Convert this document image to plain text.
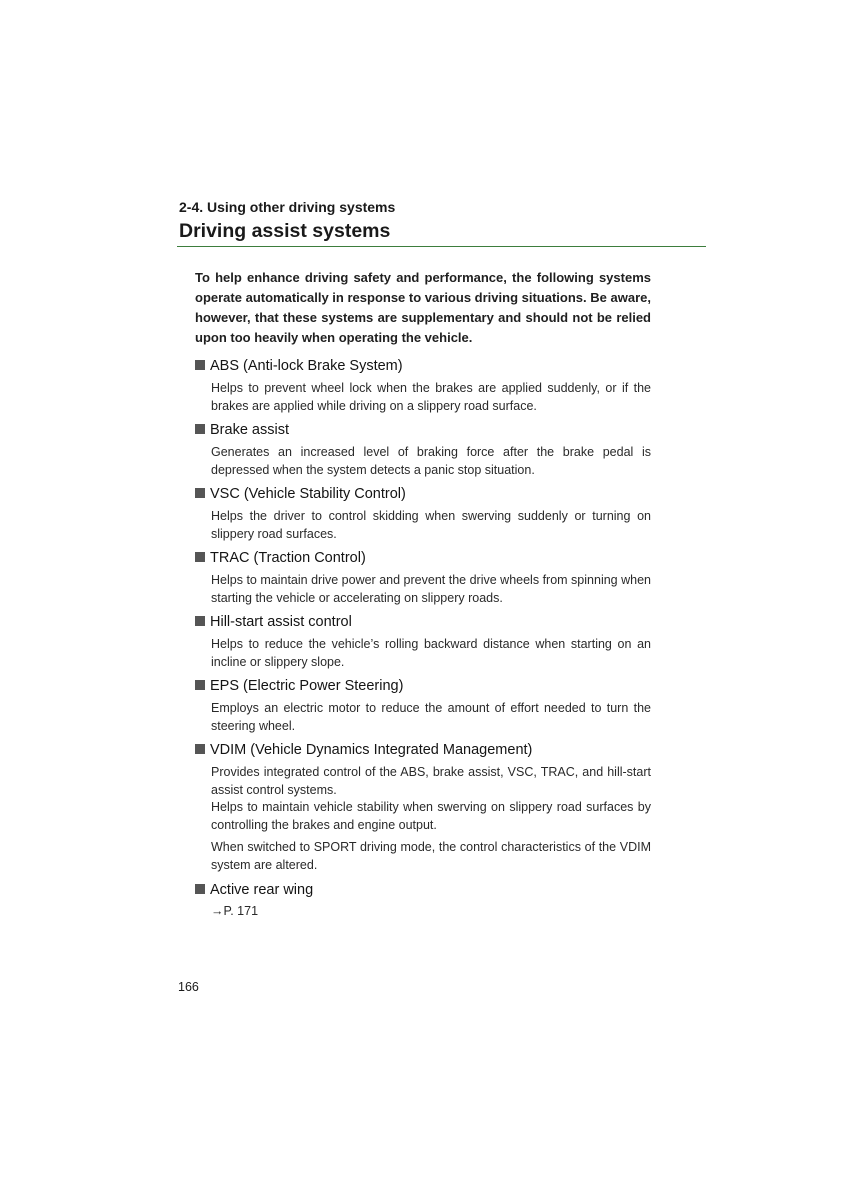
2-4. Using other driving systems
Driving assist systems
To help enhance driving safety and performance, the following systems operate automatically in response to various driving situations. Be aware, however, that these systems are supplementary and should not be relied upon too heavily when operating the vehicle.
ABS (Anti-lock Brake System)

Helps to prevent wheel lock when the brakes are applied suddenly, or if the brakes are applied while driving on a slippery road surface.

Brake assist

Generates an increased level of braking force after the brake pedal is depressed when the system detects a panic stop situation.

VSC (Vehicle Stability Control)

Helps the driver to control skidding when swerving suddenly or turning on slippery road surfaces.

TRAC (Traction Control)

Helps to maintain drive power and prevent the drive wheels from spinning when starting the vehicle or accelerating on slippery roads.

Hill-start assist control

Helps to reduce the vehicle’s rolling backward distance when starting on an incline or slippery slope.

EPS (Electric Power Steering)

Employs an electric motor to reduce the amount of effort needed to turn the steering wheel.

VDIM (Vehicle Dynamics Integrated Management)

Provides integrated control of the ABS, brake assist, VSC, TRAC, and hill-start assist control systems.

Helps to maintain vehicle stability when swerving on slippery road surfaces by controlling the brakes and engine output.

When switched to SPORT driving mode, the control characteristics of the VDIM system are altered.

Active rear wing

→P. 171

166
